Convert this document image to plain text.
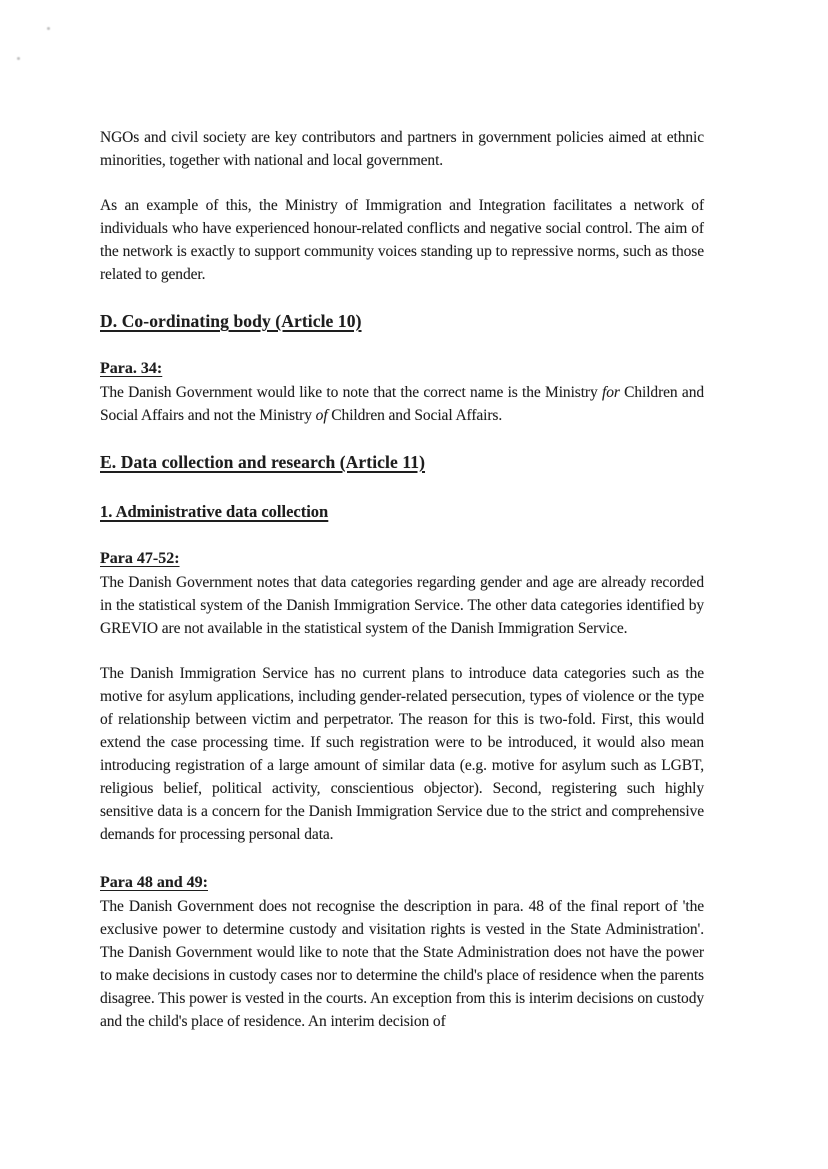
NGOs and civil society are key contributors and partners in government policies aimed at ethnic minorities, together with national and local government.

As an example of this, the Ministry of Immigration and Integration facilitates a network of individuals who have experienced honour-related conflicts and negative social control. The aim of the network is exactly to support community voices standing up to repressive norms, such as those related to gender.

D. Co-ordinating body (Article 10)
Para. 34:

The Danish Government would like to note that the correct name is the Ministry for Children and Social Affairs and not the Ministry of Children and Social Affairs.

E. Data collection and research (Article 11)
1. Administrative data collection
Para 47-52:

The Danish Government notes that data categories regarding gender and age are already recorded in the statistical system of the Danish Immigration Service. The other data categories identified by GREVIO are not available in the statistical system of the Danish Immigration Service.

The Danish Immigration Service has no current plans to introduce data categories such as the motive for asylum applications, including gender-related persecution, types of violence or the type of relationship between victim and perpetrator. The reason for this is two-fold. First, this would extend the case processing time. If such registration were to be introduced, it would also mean introducing registration of a large amount of similar data (e.g. motive for asylum such as LGBT, religious belief, political activity, conscientious objector). Second, registering such highly sensitive data is a concern for the Danish Immigration Service due to the strict and comprehensive demands for processing personal data.

Para 48 and 49:

The Danish Government does not recognise the description in para. 48 of the final report of 'the exclusive power to determine custody and visitation rights is vested in the State Administration'. The Danish Government would like to note that the State Administration does not have the power to make decisions in custody cases nor to determine the child's place of residence when the parents disagree. This power is vested in the courts. An exception from this is interim decisions on custody and the child's place of residence. An interim decision of
